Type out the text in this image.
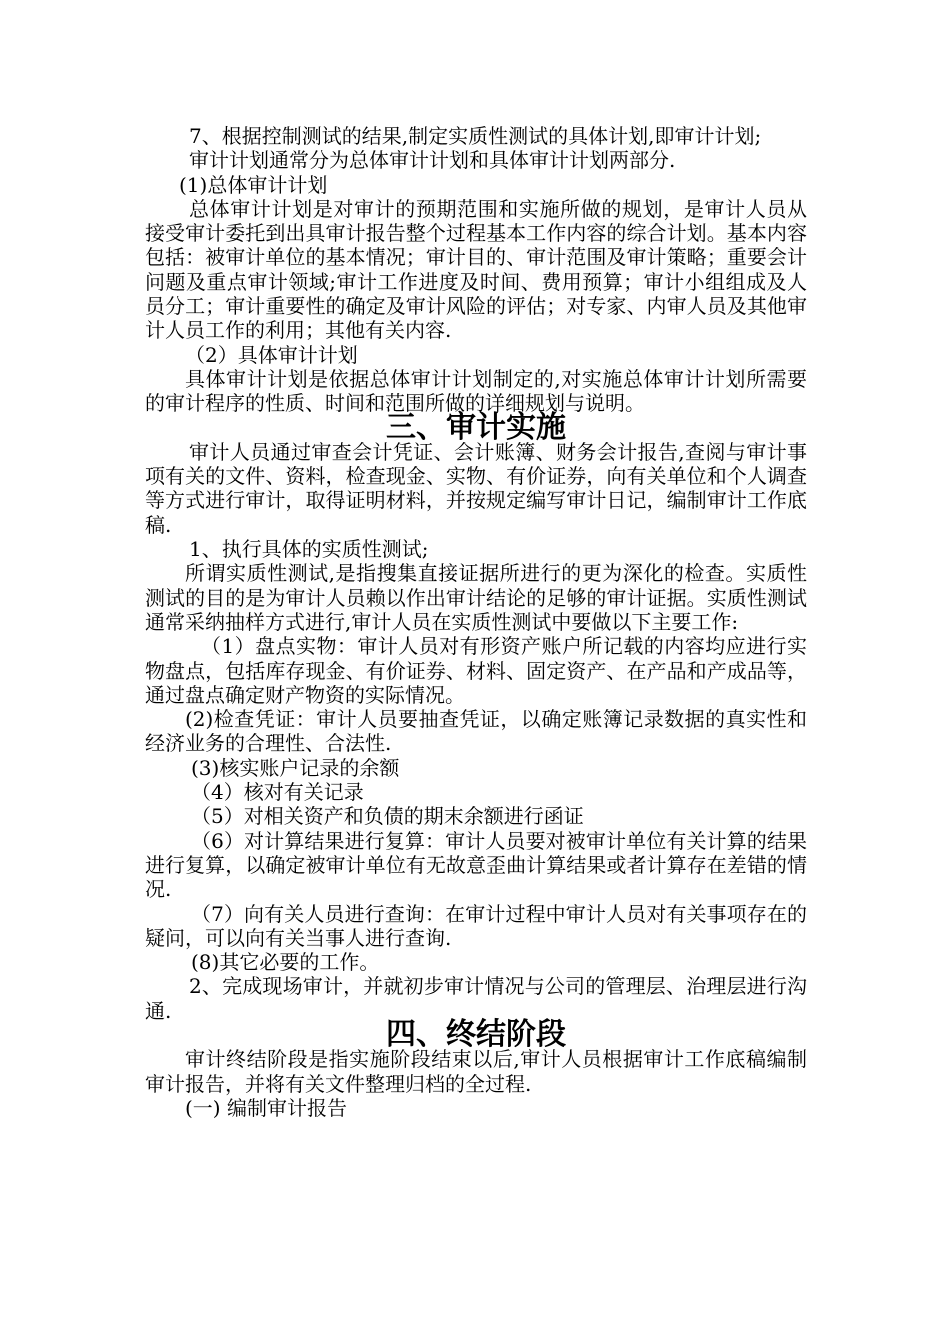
7、根据控制测试的结果,制定实质性测试的具体计划,即审计计划;

审计计划通常分为总体审计计划和具体审计计划两部分.

(1)总体审计计划

总体审计计划是对审计的预期范围和实施所做的规划，是审计人员从接受审计委托到出具审计报告整个过程基本工作内容的综合计划。基本内容包括：被审计单位的基本情况；审计目的、审计范围及审计策略；重要会计问题及重点审计领域;审计工作进度及时间、费用预算；审计小组组成及人员分工；审计重要性的确定及审计风险的评估；对专家、内审人员及其他审计人员工作的利用；其他有关内容.

（2）具体审计计划

具体审计计划是依据总体审计计划制定的,对实施总体审计计划所需要的审计程序的性质、时间和范围所做的详细规划与说明。

三、审计实施

审计人员通过审查会计凭证、会计账簿、财务会计报告,查阅与审计事项有关的文件、资料，检查现金、实物、有价证券，向有关单位和个人调查等方式进行审计，取得证明材料，并按规定编写审计日记，编制审计工作底稿.

1、执行具体的实质性测试;

所谓实质性测试,是指搜集直接证据所进行的更为深化的检查。实质性测试的目的是为审计人员赖以作出审计结论的足够的审计证据。实质性测试通常采纳抽样方式进行,审计人员在实质性测试中要做以下主要工作:

（1）盘点实物：审计人员对有形资产账户所记载的内容均应进行实物盘点，包括库存现金、有价证券、材料、固定资产、在产品和产成品等，通过盘点确定财产物资的实际情况。

(2)检查凭证：审计人员要抽查凭证，以确定账簿记录数据的真实性和经济业务的合理性、合法性.

(3)核实账户记录的余额

（4）核对有关记录

（5）对相关资产和负债的期末余额进行函证

（6）对计算结果进行复算：审计人员要对被审计单位有关计算的结果进行复算，以确定被审计单位有无故意歪曲计算结果或者计算存在差错的情况.

（7）向有关人员进行查询：在审计过程中审计人员对有关事项存在的疑问，可以向有关当事人进行查询.

(8)其它必要的工作。

2、完成现场审计，并就初步审计情况与公司的管理层、治理层进行沟通.

四、终结阶段

审计终结阶段是指实施阶段结束以后,审计人员根据审计工作底稿编制审计报告，并将有关文件整理归档的全过程.

(一) 编制审计报告
